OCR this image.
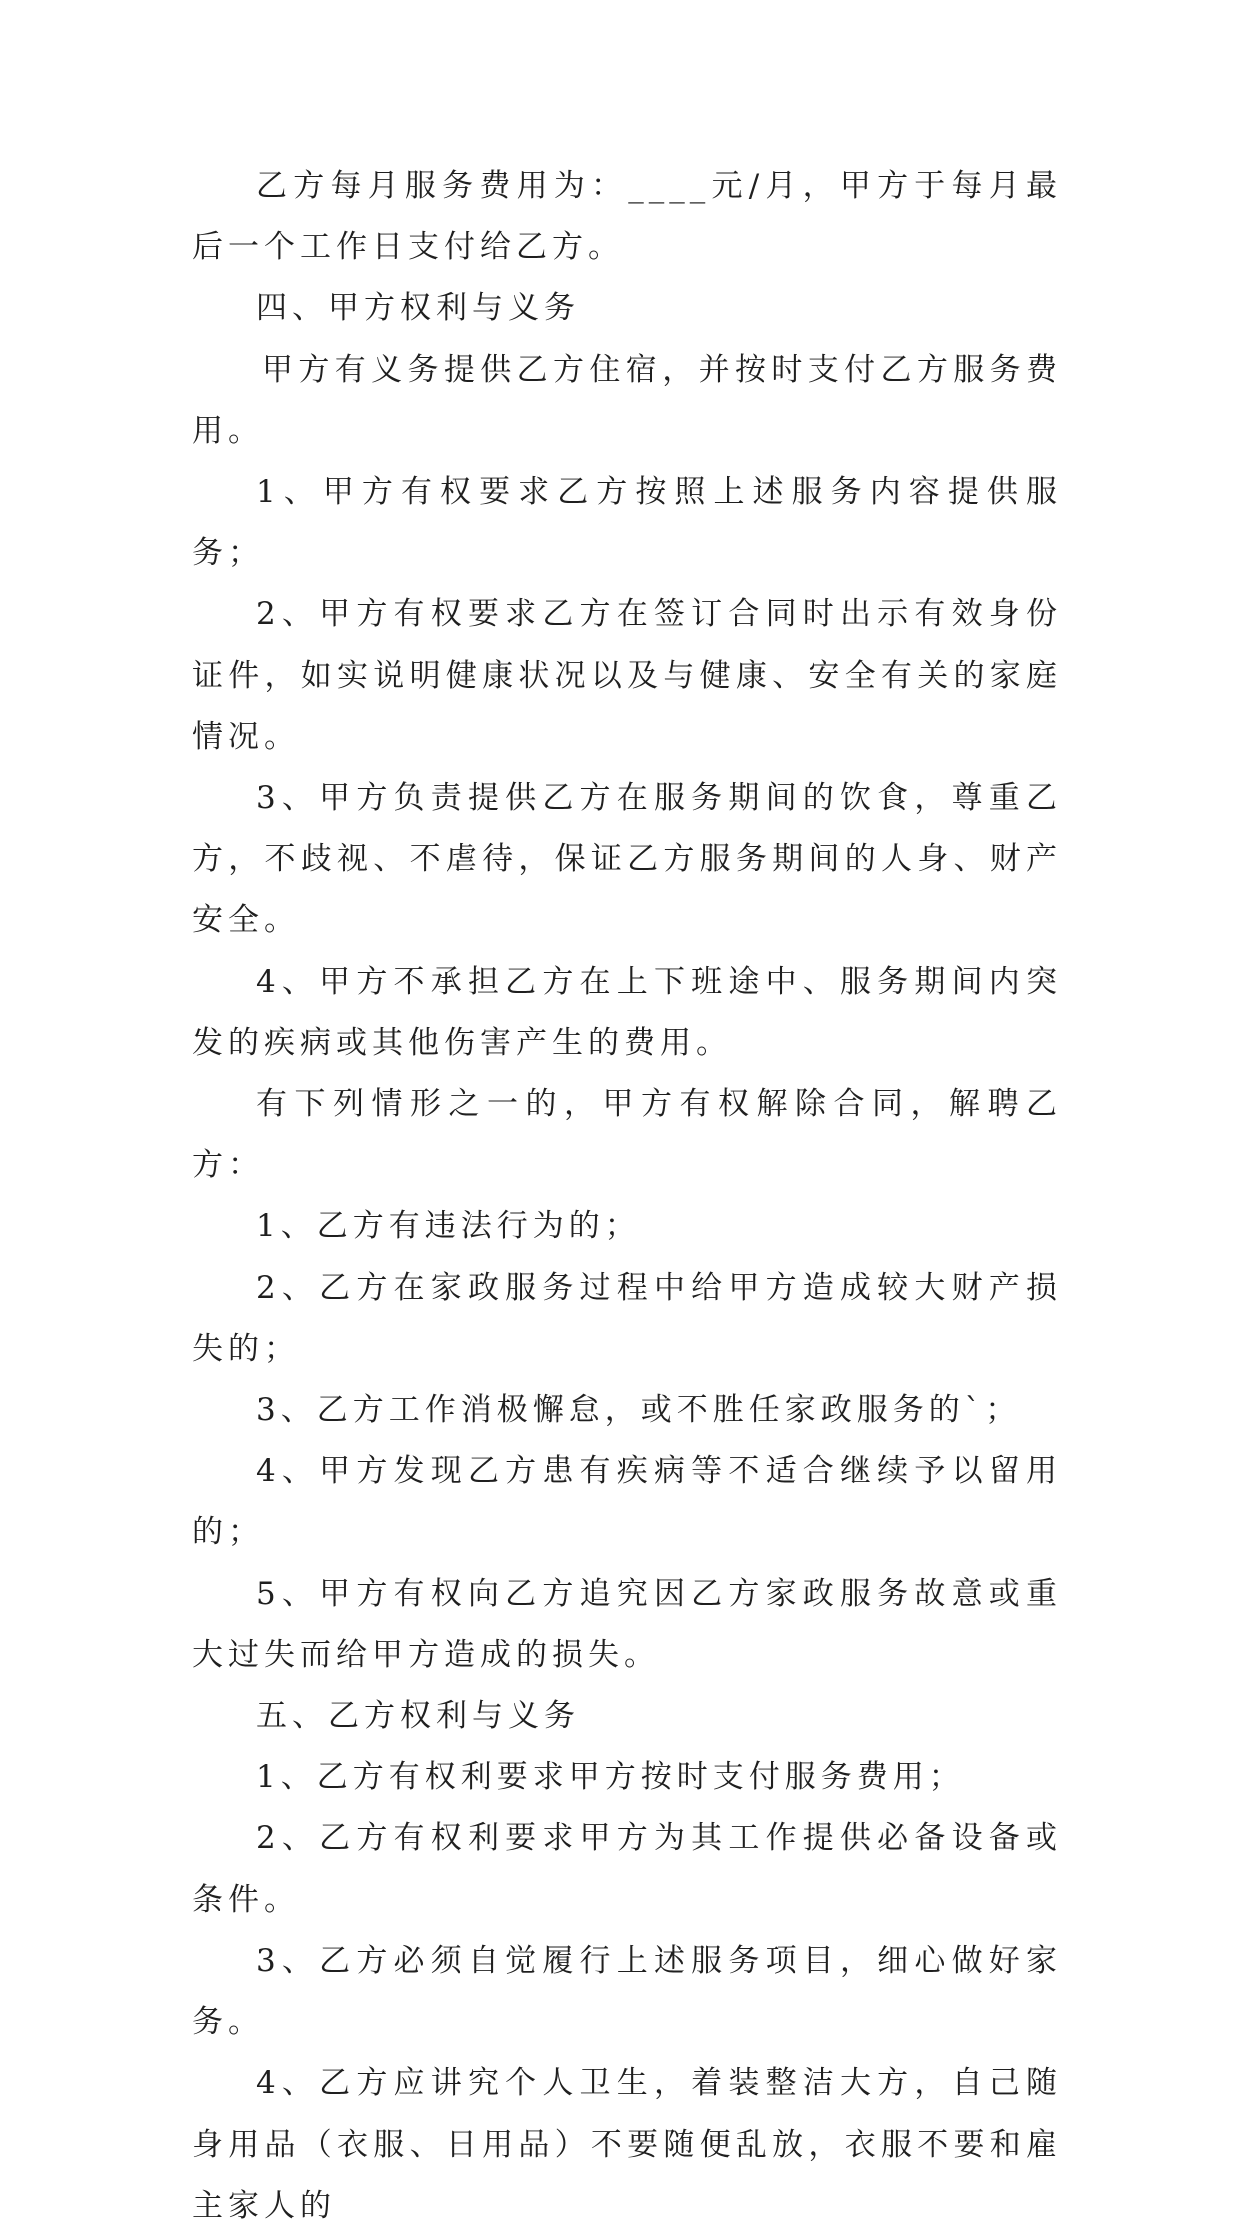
乙方每月服务费用为：____元/月，甲方于每月最后一个工作日支付给乙方。

四、甲方权利与义务

甲方有义务提供乙方住宿，并按时支付乙方服务费用。

1、甲方有权要求乙方按照上述服务内容提供服务；

2、甲方有权要求乙方在签订合同时出示有效身份证件，如实说明健康状况以及与健康、安全有关的家庭情况。

3、甲方负责提供乙方在服务期间的饮食，尊重乙方，不歧视、不虐待，保证乙方服务期间的人身、财产安全。

4、甲方不承担乙方在上下班途中、服务期间内突发的疾病或其他伤害产生的费用。

有下列情形之一的，甲方有权解除合同，解聘乙方：

1、乙方有违法行为的；

2、乙方在家政服务过程中给甲方造成较大财产损失的；

3、乙方工作消极懈怠，或不胜任家政服务的`；

4、甲方发现乙方患有疾病等不适合继续予以留用的；

5、甲方有权向乙方追究因乙方家政服务故意或重大过失而给甲方造成的损失。

五、乙方权利与义务

1、乙方有权利要求甲方按时支付服务费用；

2、乙方有权利要求甲方为其工作提供必备设备或条件。

3、乙方必须自觉履行上述服务项目，细心做好家务。

4、乙方应讲究个人卫生，着装整洁大方，自己随身用品（衣服、日用品）不要随便乱放，衣服不要和雇主家人的
